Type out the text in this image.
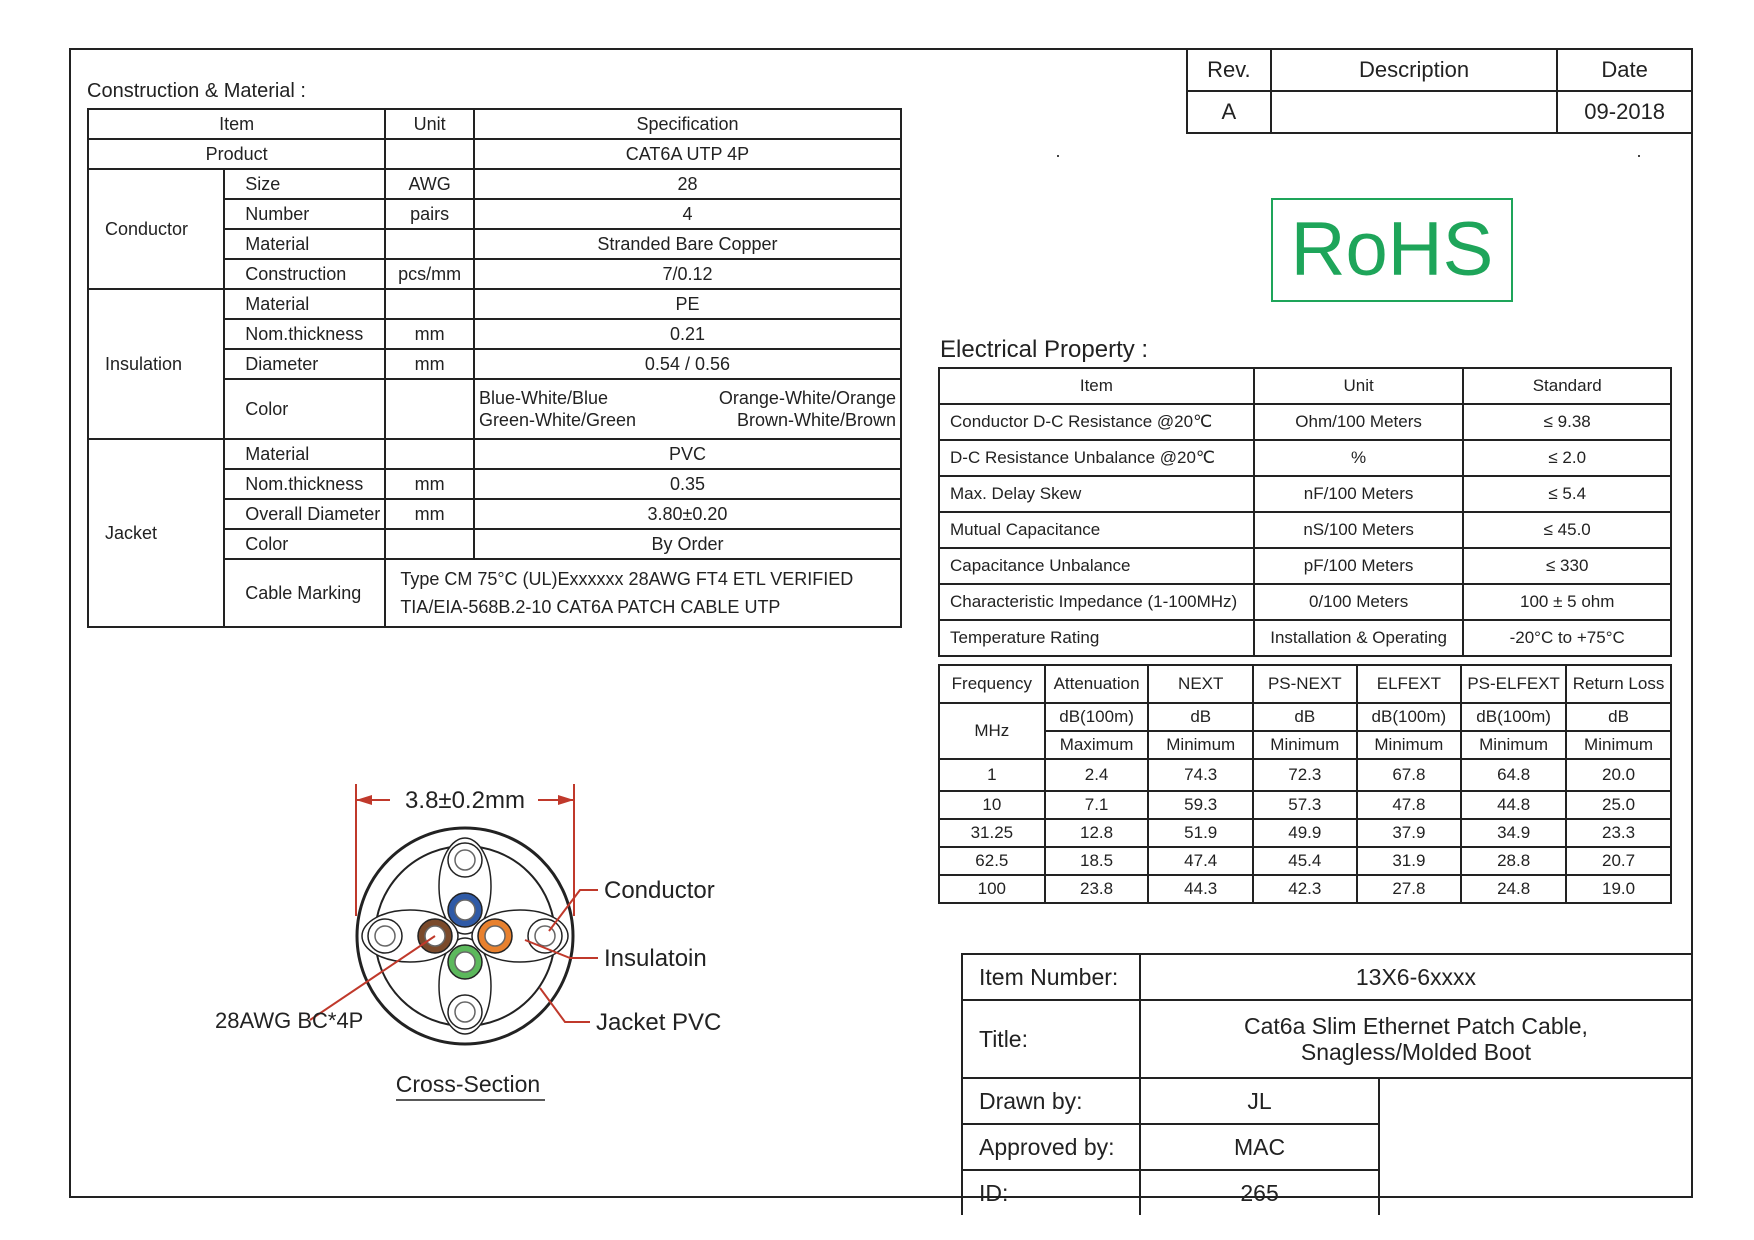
Construction & Material :
Item		Unit	Specification
Product			CAT6A UTP 4P
Conductor	Size	AWG	28
	Number	pairs	4
	Material		Stranded Bare Copper
	Construction	pcs/mm	7/0.12
Insulation	Material		PE
	Nom.thickness	mm	0.21
	Diameter	mm	0.54 / 0.56
	Color		Blue-White/Blue Orange-White/Orange
Green-White/Green Brown-White/Brown

Jacket	Material		PVC
	Nom.thickness	mm	0.35
	Overall Diameter	mm	3.80±0.20
	Color		By Order
	Cable Marking	Type CM 75°C (UL)Exxxxxx 28AWG FT4 ETL VERIFIED
TIA/EIA-568B.2-10 CAT6A PATCH CABLE UTP	
Rev.	Description	Date
A		09-2018
RoHS
Electrical Property :
Item	Unit	Standard
Conductor D-C Resistance @20℃	Ohm/100 Meters	≤ 9.38
D-C Resistance Unbalance @20℃	%	≤ 2.0
Max. Delay Skew	nF/100 Meters	≤ 5.4
Mutual Capacitance	nS/100 Meters	≤ 45.0
Capacitance Unbalance	pF/100 Meters	≤ 330
Characteristic Impedance (1-100MHz)	0/100 Meters	100 ± 5 ohm
Temperature Rating	Installation & Operating	-20°C to +75°C
Frequency	Attenuation	NEXT	PS-NEXT	ELFEXT	PS-ELFEXT	Return Loss
MHz	dB(100m)	dB	dB	dB(100m)	dB(100m)	dB
	Maximum	Minimum	Minimum	Minimum	Minimum	Minimum
1	2.4	74.3	72.3	67.8	64.8	20.0
10	7.1	59.3	57.3	47.8	44.8	25.0
31.25	12.8	51.9	49.9	37.9	34.9	23.3
62.5	18.5	47.4	45.4	31.9	28.8	20.7
100	23.8	44.3	42.3	27.8	24.8	19.0
3.8±0.2mm
Conductor
Insulatoin
Jacket PVC
28AWG BC*4P
Cross-Section
Item Number:	13X6-6xxxx	
Title:	Cat6a Slim Ethernet Patch Cable,
Snagless/Molded Boot	

Drawn by:	JL	
Approved by:	MAC	
ID:	265	
